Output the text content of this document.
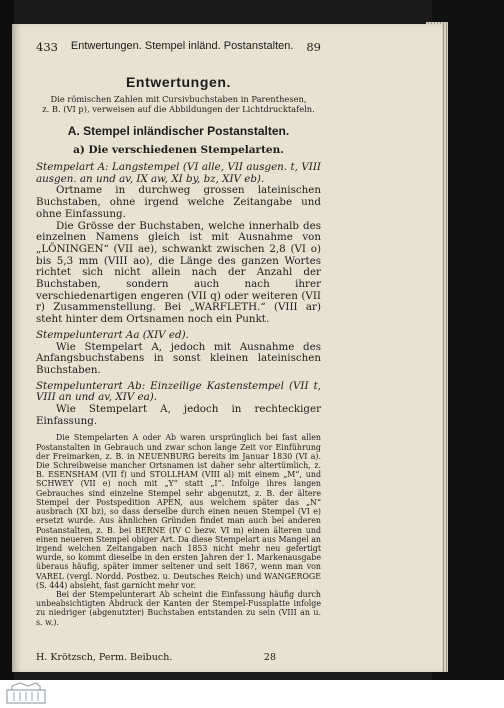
433 Entwertungen. Stempel inländ. Postanstalten. 89
Entwertungen.
Die römischen Zahlen mit Cursivbuchstaben in Parenthesen,
z. B. (VI p), verweisen auf die Abbildungen der Lichtdrucktafeln.
A. Stempel inländischer Postanstalten.
a) Die verschiedenen Stempelarten.

Stempelart A: Langstempel (VI alle, VII ausgen. t, VIII ausgen. an und av, IX aw, XI by, bz, XIV eb).

Ortname in durchweg grossen lateinischen Buchstaben, ohne irgend welche Zeitangabe und ohne Einfassung.

Die Grösse der Buchstaben, welche innerhalb des einzelnen Namens gleich ist mit Ausnahme von „LÖNINGEN“ (VII ae), schwankt zwischen 2,8 (VI o) bis 5,3 mm (VIII ao), die Länge des ganzen Wortes richtet sich nicht allein nach der Anzahl der Buchstaben, sondern auch nach ihrer verschiedenartigen engeren (VII q) oder weiteren (VII r) Zusammenstellung. Bei „WARFLETH.“ (VIII ar) steht hinter dem Ortsnamen noch ein Punkt.

Stempelunterart Aa (XIV ed).

Wie Stempelart A, jedoch mit Ausnahme des Anfangsbuchstabens in sonst kleinen lateinischen Buchstaben.

Stempelunterart Ab: Einzeilige Kastenstempel (VII t, VIII an und av, XIV ea).

Wie Stempelart A, jedoch in rechteckiger Einfassung.

Die Stempelarten A oder Ab waren ursprünglich bei fast allen Postanstalten in Gebrauch und zwar schon lange Zeit vor Einführung der Freimarken, z. B. in NEUENBURG bereits im Januar 1830 (VI a). Die Schreibweise mancher Ortsnamen ist daher sehr altertümlich, z. B. ESENSHAM (VII f) und STOLLHAM (VIII al) mit einem „M“, und SCHWEY (VII e) noch mit „Y“ statt „I“. Infolge ihres langen Gebrauches sind einzelne Stempel sehr abgenutzt, z. B. der ältere Stempel der Postspedition APEN, aus welchem später das „N“ ausbrach (XI bz), so dass derselbe durch einen neuen Stempel (VI e) ersetzt wurde. Aus ähnlichen Gründen findet man auch bei anderen Postanstalten, z. B. bei BERNE (IV C bezw. VI m) einen älteren und einen neueren Stempel obiger Art. Da diese Stempelart aus Mangel an irgend welchen Zeitangaben nach 1853 nicht mehr neu gefertigt wurde, so kommt dieselbe in den ersten Jahren der 1. Markenausgabe überaus häufig, später immer seltener und seit 1867, wenn man von VAREL (vergl. Nordd. Postbez. u. Deutsches Reich) und WANGEROGE (S. 444) absieht, fast garnicht mehr vor.

Bei der Stempelunterart Ab scheint die Einfassung häufig durch unbeabsichtigten Abdruck der Kanten der Stempel-Fussplatte infolge zu niedriger (abgenutzter) Buchstaben entstanden zu sein (VIII an u. s. w.).

H. Krötzsch, Perm. Beibuch.	28
